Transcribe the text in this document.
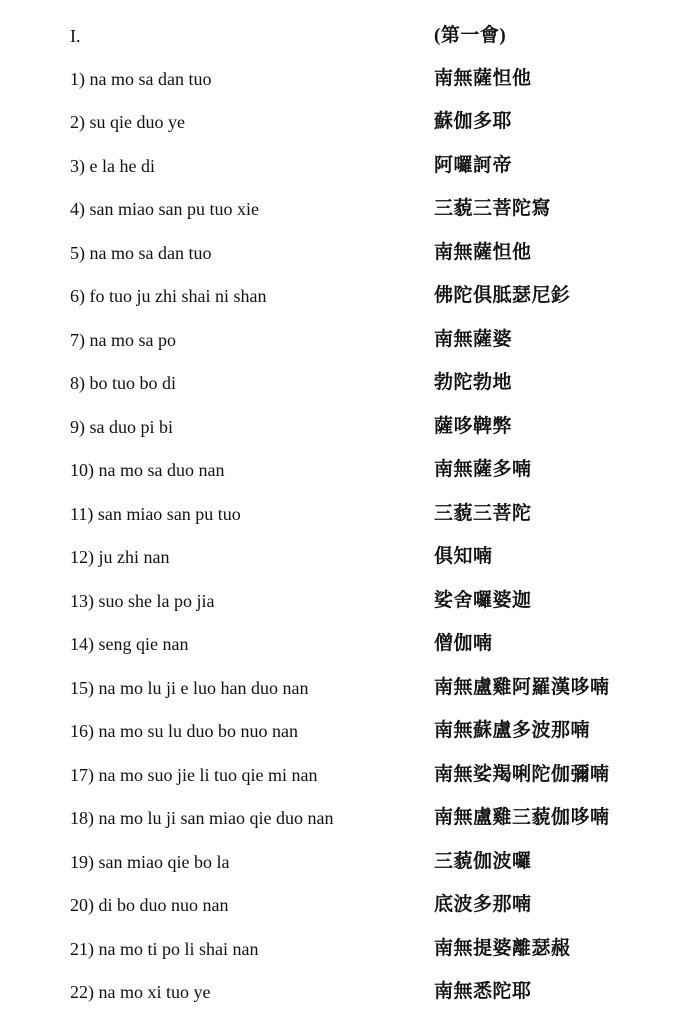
I.	(第一會)
1) na mo sa dan tuo	南無薩怛他
2) su qie duo ye	蘇伽多耶
3) e la he di	阿囉訶帝
4) san miao san pu tuo xie	三藐三菩陀寫
5) na mo sa dan tuo	南無薩怛他
6) fo tuo ju zhi shai ni shan	佛陀俱胝瑟尼釤
7) na mo sa po	南無薩婆
8) bo tuo bo di	勃陀勃地
9) sa duo pi bi	薩哆鞞弊
10) na mo sa duo nan	南無薩多喃
11) san miao san pu tuo	三藐三菩陀
12) ju zhi nan	俱知喃
13) suo she la po jia	娑舍囉婆迦
14) seng qie nan	僧伽喃
15) na mo lu ji e luo han duo nan	南無盧雞阿羅漢哆喃
16) na mo su lu duo bo nuo nan	南無蘇盧多波那喃
17) na mo suo jie li tuo qie mi nan	南無娑羯唎陀伽彌喃
18) na mo lu ji san miao qie duo nan	南無盧雞三藐伽哆喃
19) san miao qie bo la	三藐伽波囉
20) di bo duo nuo nan	底波多那喃
21) na mo ti po li shai nan	南無提婆離瑟赧
22) na mo xi tuo ye	南無悉陀耶
